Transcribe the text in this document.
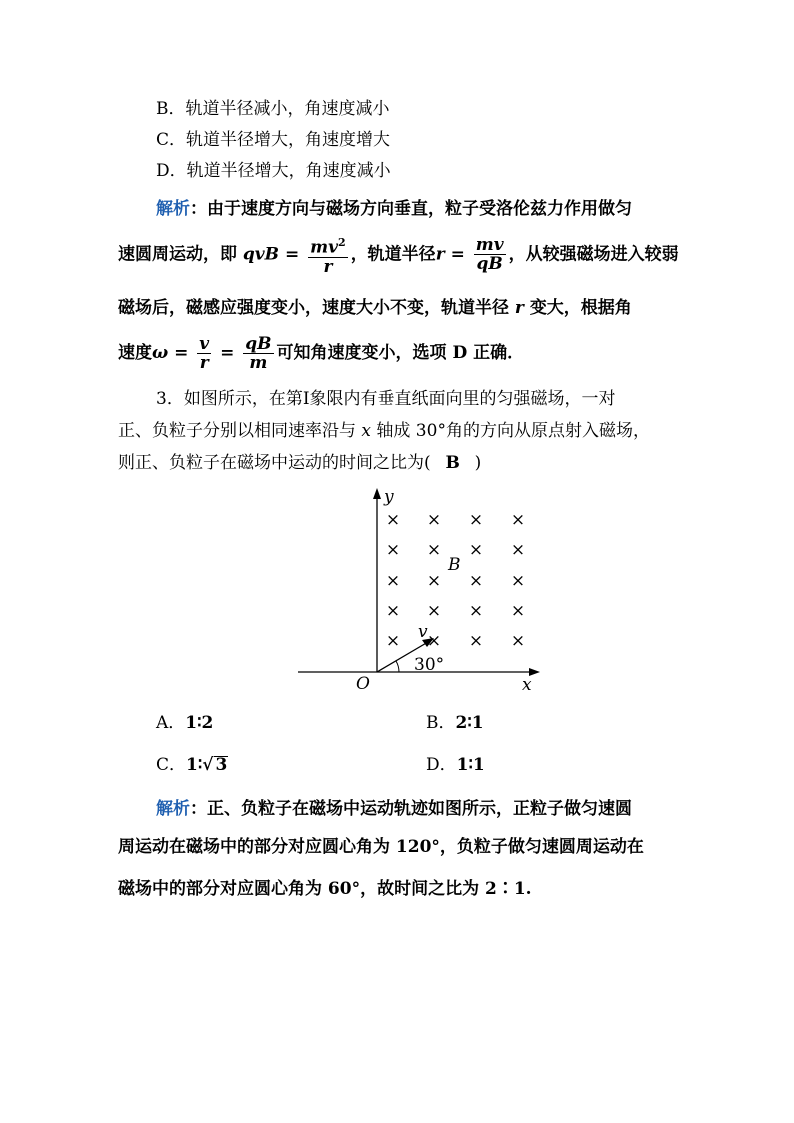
B．轨道半径减小，角速度减小
C．轨道半径增大，角速度增大
D．轨道半径增大，角速度减小
解析：由于速度方向与磁场方向垂直，粒子受洛伦兹力作用做匀
速圆周运动，即 qvB = $\frac{mv^2}{r}$ ，轨道半径$r = \frac{mv}{qB}$ ，从较强磁场进入较弱
磁场后，磁感应强度变小，速度大小不变，轨道半径 r 变大，根据角
速度$\omega = \frac{v}{r} = \frac{qB}{m}$ 可知角速度变小，选项 D 正确．
3．如图所示，在第Ⅰ象限内有垂直纸面向里的匀强磁场，一对
正、负粒子分别以相同速率沿与 x 轴成 30°角的方向从原点射入磁场，
则正、负粒子在磁场中运动的时间之比为( B )
y
x
O
B
v
30°
× × × ×
× × × ×
× × × ×
× × × ×
× × × ×
A．1∶2	B．2∶1
C．1∶√ 3	D．1∶1
解析：正、负粒子在磁场中运动轨迹如图所示，正粒子做匀速圆
周运动在磁场中的部分对应圆心角为 120°，负粒子做匀速圆周运动在
磁场中的部分对应圆心角为 60°，故时间之比为 2∶1.
